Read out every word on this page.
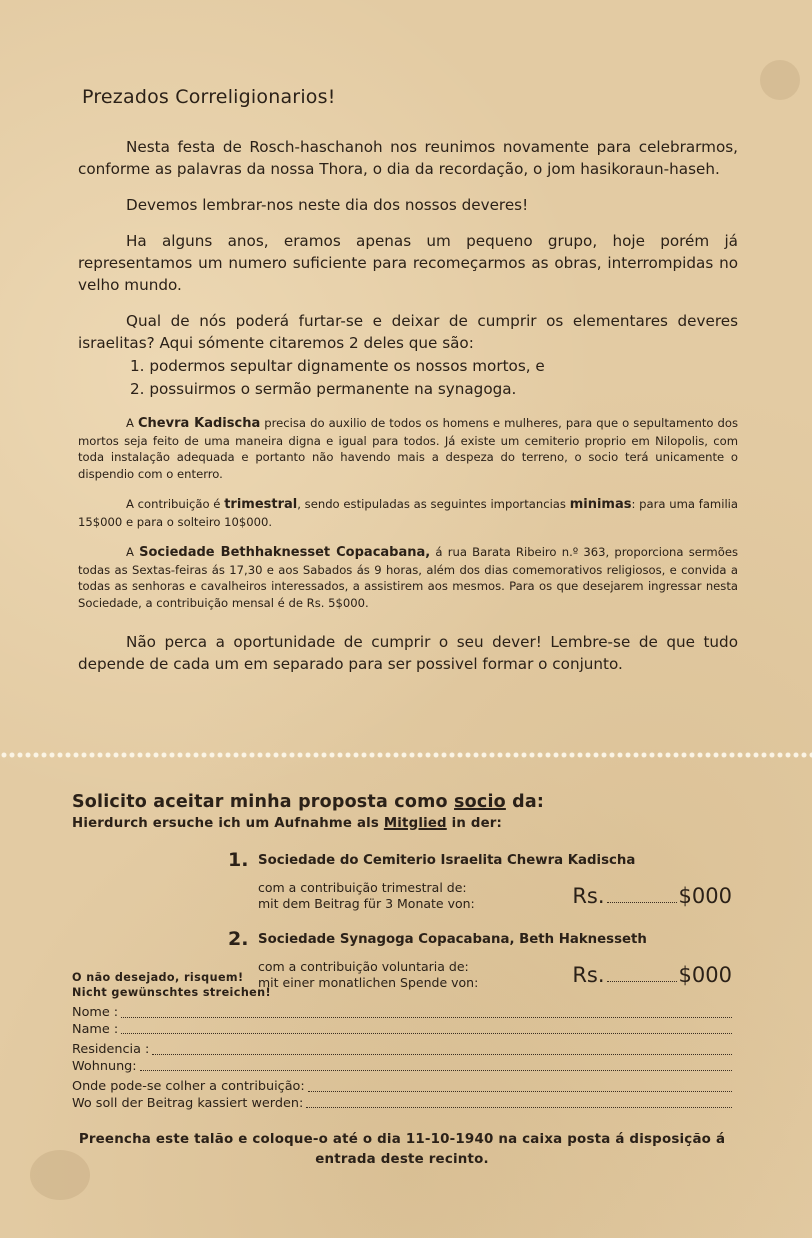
Prezados Correligionarios!

Nesta festa de Rosch-haschanoh nos reunimos novamente para celebrarmos, conforme as palavras da nossa Thora, o dia da recordação, o jom hasikoraun-haseh.

Devemos lembrar-nos neste dia dos nossos deveres!

Ha alguns anos, eramos apenas um pequeno grupo, hoje porém já representamos um numero suficiente para recomeçarmos as obras, interrompidas no velho mundo.

Qual de nós poderá furtar-se e deixar de cumprir os elementares deveres israelitas? Aqui sómente citaremos 2 deles que são:

1. podermos sepultar dignamente os nossos mortos, e
2. possuirmos o sermão permanente na synagoga.

A Chevra Kadischa precisa do auxilio de todos os homens e mulheres, para que o sepultamento dos mortos seja feito de uma maneira digna e igual para todos. Já existe um cemiterio proprio em Nilopolis, com toda instalação adequada e portanto não havendo mais a despeza do terreno, o socio terá unicamente o dispendio com o enterro.

A contribuição é trimestral, sendo estipuladas as seguintes importancias minimas: para uma familia 15$000 e para o solteiro 10$000.

A Sociedade Bethhaknesset Copacabana, á rua Barata Ribeiro n.º 363, proporciona sermões todas as Sextas-feiras ás 17,30 e aos Sabados ás 9 horas, além dos dias comemorativos religiosos, e convida a todas as senhoras e cavalheiros interessados, a assistirem aos mesmos. Para os que desejarem ingressar nesta Sociedade, a contribuição mensal é de Rs. 5$000.

Não perca a oportunidade de cumprir o seu dever! Lembre-se de que tudo depende de cada um em separado para ser possivel formar o conjunto.

Solicito aceitar minha proposta como socio da:

Hierdurch ersuche ich um Aufnahme als Mitglied in der:

1. Sociedade do Cemiterio Israelita Chewra Kadischa
com a contribuição trimestral de:
mit dem Beitrag für 3 Monate von:	Rs.	$000
2. Sociedade Synagoga Copacabana, Beth Haknesseth
com a contribuição voluntaria de:
mit einer monatlichen Spende von:	Rs.	$000
O não desejado, risquem!
Nicht gewünschtes streichen!
Nome :
Name :
Residencia :
Wohnung:
Onde pode-se colher a contribuição:
Wo soll der Beitrag kassiert werden:
Preencha este talão e coloque-o até o dia 11-10-1940 na caixa posta á disposição á entrada deste recinto.
